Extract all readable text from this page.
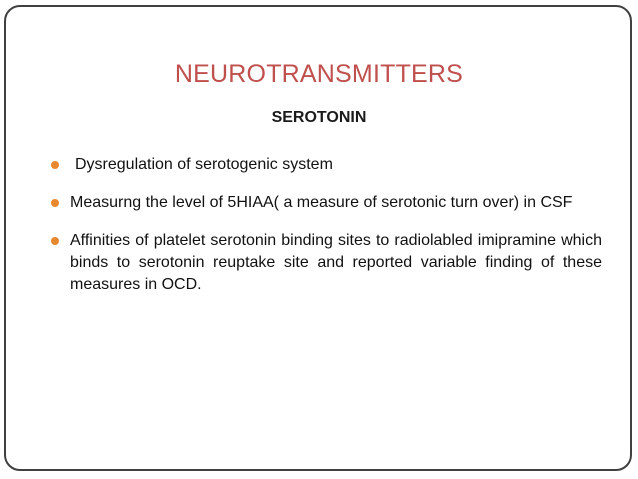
NEUROTRANSMITTERS
SEROTONIN
Dysregulation of serotogenic system
Measurng the level of 5HIAA( a measure of serotonic turn over) in CSF
Affinities of platelet serotonin binding sites to radiolabled imipramine which binds to serotonin reuptake site and reported variable finding of these measures in OCD.
